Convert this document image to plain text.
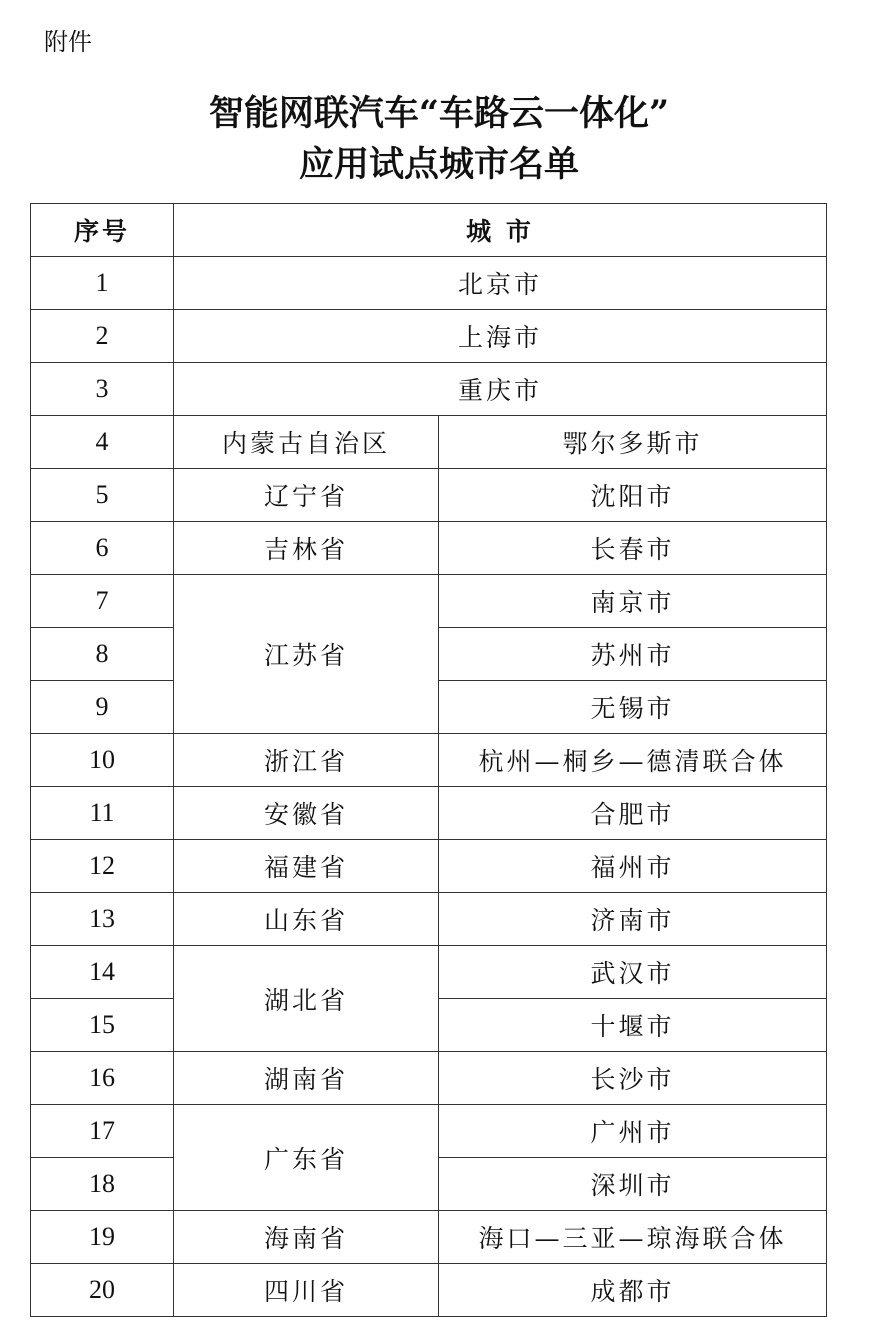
附件
智能网联汽车“车路云一体化”
应用试点城市名单
序号	城 市	
1	北京市	
2	上海市	
3	重庆市	
4	内蒙古自治区	鄂尔多斯市
5	辽宁省	沈阳市
6	吉林省	长春市
7	江苏省	南京市
8		苏州市
9		无锡市
10	浙江省	杭州—桐乡—德清联合体
11	安徽省	合肥市
12	福建省	福州市
13	山东省	济南市
14	湖北省	武汉市
15		十堰市
16	湖南省	长沙市
17	广东省	广州市
18		深圳市
19	海南省	海口—三亚—琼海联合体
20	四川省	成都市
